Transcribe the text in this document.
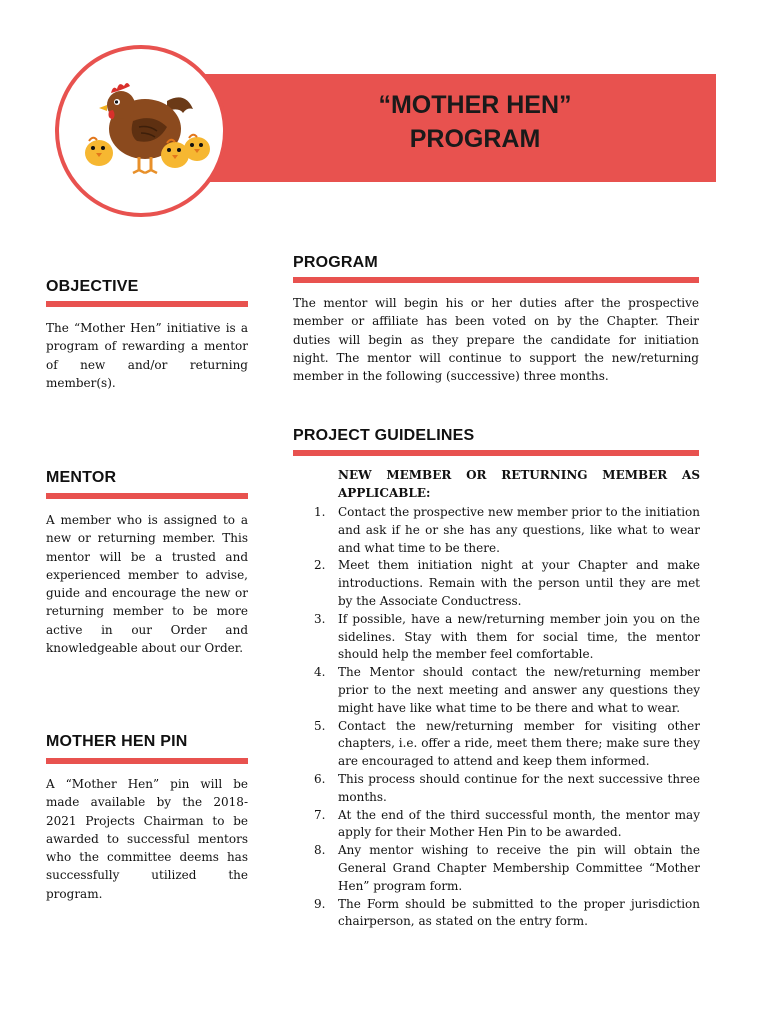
“MOTHER HEN”
PROGRAM
OBJECTIVE
The “Mother Hen” initiative is a program of rewarding a mentor of new and/or returning member(s).
MENTOR
A member who is assigned to a new or returning member. This mentor will be a trusted and experienced member to advise, guide and encourage the new or returning member to be more active in our Order and knowledgeable about our Order.
MOTHER HEN PIN
A “Mother Hen” pin will be made available by the 2018-2021 Projects Chairman to be awarded to successful mentors who the committee deems has successfully utilized the program.
PROGRAM
The mentor will begin his or her duties after the prospective member or affiliate has been voted on by the Chapter. Their duties will begin as they prepare the candidate for initiation night. The mentor will continue to support the new/returning member in the following (successive) three months.
PROJECT GUIDELINES
NEW MEMBER OR RETURNING MEMBER AS APPLICABLE:
1. Contact the prospective new member prior to the initiation and ask if he or she has any questions, like what to wear and what time to be there.
2. Meet them initiation night at your Chapter and make introductions. Remain with the person until they are met by the Associate Conductress.
3. If possible, have a new/returning member join you on the sidelines. Stay with them for social time, the mentor should help the member feel comfortable.
4. The Mentor should contact the new/returning member prior to the next meeting and answer any questions they might have like what time to be there and what to wear.
5. Contact the new/returning member for visiting other chapters, i.e. offer a ride, meet them there; make sure they are encouraged to attend and keep them informed.
6. This process should continue for the next successive three months.
7. At the end of the third successful month, the mentor may apply for their Mother Hen Pin to be awarded.
8. Any mentor wishing to receive the pin will obtain the General Grand Chapter Membership Committee “Mother Hen” program form.
9. The Form should be submitted to the proper jurisdiction chairperson, as stated on the entry form.
